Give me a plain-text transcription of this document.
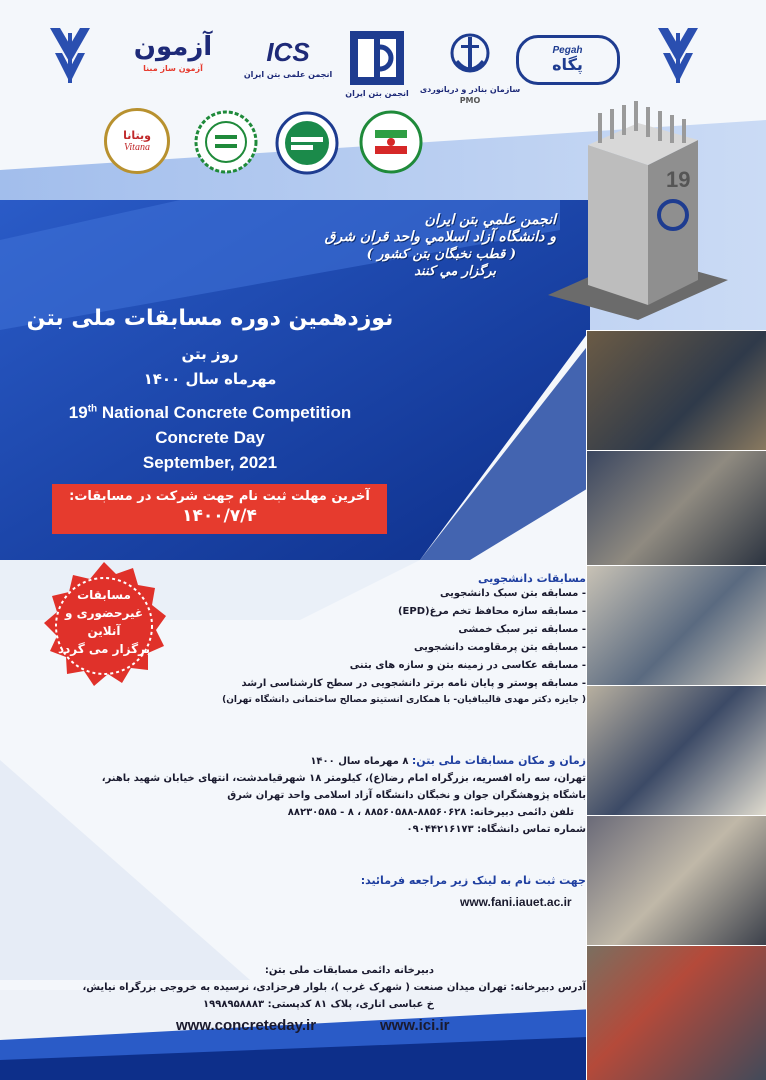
آزمون
آزمون ساز مبنا
ICS
انجمن علمی بتن ایران
انجمن بتن ایران سازمان بنادر و دریانوردی
PMO
Pegah
پگاه
ویتانا
Vitana
19
انجمن علمي بتن ايران
و دانشگاه آزاد اسلامي واحد قران شرق
( قطب نخبگان بتن كشور )
برگزار مي كنند
نوزدهمین دوره مسابقات ملی بتن
روز بتن
مهرماه سال ۱۴۰۰
19th National Concrete Competition
Concrete Day
September, 2021
آخرین مهلت ثبت نام جهت شرکت در مسابقات:
۱۴۰۰/۷/۴
مسابقات
غیرحضوری و
آنلاین
برگزار می گردد
مسابقات دانشجویی
- مسابقه بتن سبک دانشجویی
- مسابقه سازه محافظ تخم مرغ(EPD)
- مسابقه تیر سبک خمشی
- مسابقه بتن پرمقاومت دانشجویی
- مسابقه عکاسی در زمینه بتن و سازه های بتنی
- مسابقه پوستر و پایان نامه برتر دانشجویی در سطح کارشناسی ارشد
( جایزه دکتر مهدی قالیبافیان- با همکاری انستیتو مصالح ساختمانی دانشگاه تهران)
زمان و مکان مسابقات ملی بتن: ۸ مهرماه سال ۱۴۰۰
تهران، سه راه افسریه، بزرگراه امام رضا(ع)، کیلومتر ۱۸ شهرقیامدشت، انتهای خیابان شهید باهنر،
باشگاه پژوهشگران جوان و نخبگان دانشگاه آزاد اسلامی واحد تهران شرق
تلفن دائمی دبیرخانه: ۸۸۵۶۰۶۲۸-۸۸۵۶۰۵۸۸ ، ۸ - ۸۸۲۳۰۵۸۵
شماره تماس دانشگاه: ۰۹۰۴۴۲۱۶۱۷۳
جهت ثبت نام به لینک زیر مراجعه فرمائید:
www.fani.iauet.ac.ir
دبیرخانه دائمی مسابقات ملی بتن:
آدرس دبیرخانه: تهران میدان صنعت ( شهرک غرب )، بلوار فرحزادی، نرسیده به خروجی بزرگراه نیایش،
خ عباسی اناری، پلاک ۸۱ کدپستی: ۱۹۹۸۹۵۸۸۸۳
www.concreteday.ir	www.ici.ir
